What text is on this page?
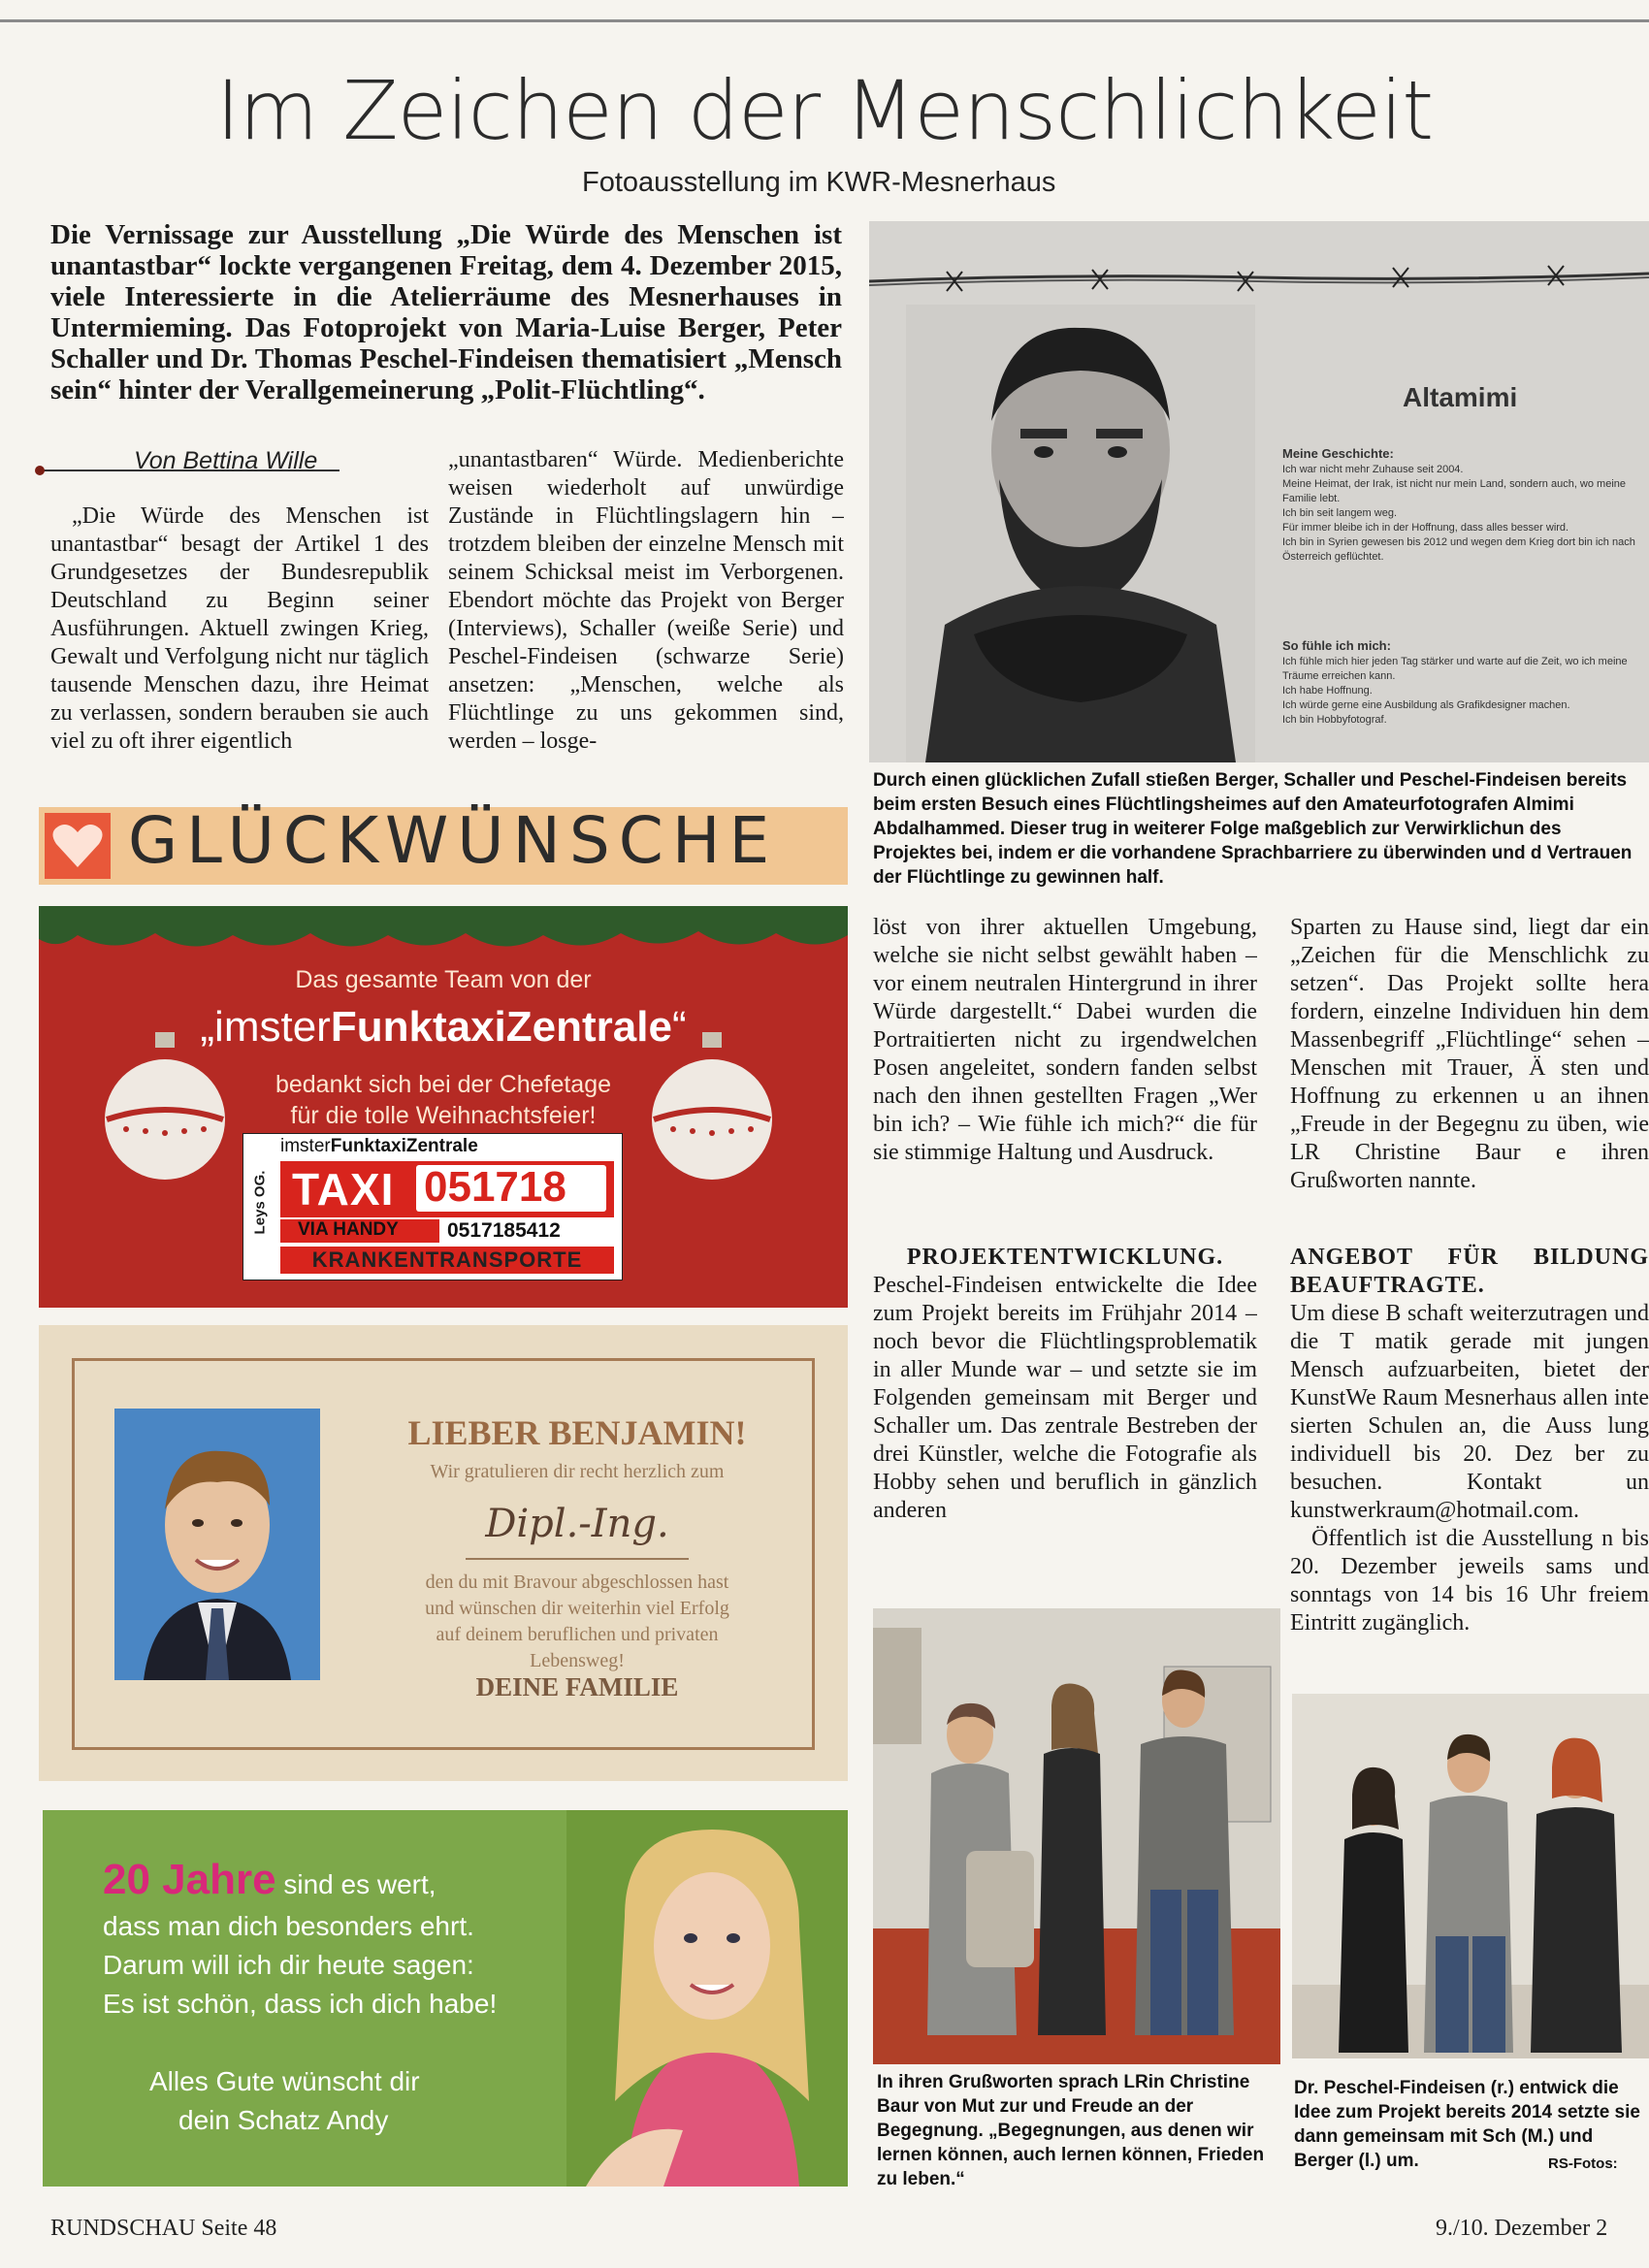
Im Zeichen der Menschlichkeit
Fotoausstellung im KWR-Mesnerhaus
Die Vernissage zur Ausstellung „Die Würde des Menschen ist unantastbar“ lockte vergangenen Freitag, dem 4. Dezember 2015, viele Interessierte in die Atelierräume des Mesnerhauses in Untermieming. Das Fotoprojekt von Maria-Luise Berger, Peter Schaller und Dr. Thomas Peschel-Findeisen thematisiert „Mensch sein“ hinter der Verallgemeinerung „Polit-Flüchtling“.
Von Bettina Wille

„Die Würde des Menschen ist unantastbar“ besagt der Artikel 1 des Grundgesetzes der Bundesrepublik Deutschland zu Beginn seiner Ausführungen. Aktuell zwingen Krieg, Gewalt und Verfolgung nicht nur täglich tausende Menschen dazu, ihre Heimat zu verlassen, sondern berauben sie auch viel zu oft ihrer eigentlich

„unantastbaren“ Würde. Medienberichte weisen wiederholt auf unwürdige Zustände in Flüchtlingslagern hin – trotzdem bleiben der einzelne Mensch mit seinem Schicksal meist im Verborgenen. Ebendort möchte das Projekt von Berger (Interviews), Schaller (weiße Serie) und Peschel-Findeisen (schwarze Serie) ansetzen: „Menschen, welche als Flüchtlinge zu uns gekommen sind, werden – losge-

Altamimi
Meine Geschichte:
Ich war nicht mehr Zuhause seit 2004.
Meine Heimat, der Irak, ist nicht nur mein Land, sondern auch, wo meine Familie lebt.
Ich bin seit langem weg.
Für immer bleibe ich in der Hoffnung, dass alles besser wird.
Ich bin in Syrien gewesen bis 2012 und wegen dem Krieg dort bin ich nach Österreich geflüchtet.
So fühle ich mich:
Ich fühle mich hier jeden Tag stärker und warte auf die Zeit, wo ich meine Träume erreichen kann.
Ich habe Hoffnung.
Ich würde gerne eine Ausbildung als Grafikdesigner machen.
Ich bin Hobbyfotograf.
Durch einen glücklichen Zufall stießen Berger, Schaller und Peschel-Findeisen bereits beim ersten Besuch eines Flüchtlingsheimes auf den Amateurfotografen Almimi Abdalhammed. Dieser trug in weiterer Folge maßgeblich zur Verwirklichun des Projektes bei, indem er die vorhandene Sprachbarriere zu überwinden und d Vertrauen der Flüchtlinge zu gewinnen half.
GLÜCKWÜNSCHE
Das gesamte Team von der
„imsterFunktaxiZentrale“
bedankt sich bei der Chefetage
für die tolle Weihnachtsfeier!
Leys OG.
imsterFunktaxiZentrale
TAXI 051718
VIA HANDY 0517185412
KRANKENTRANSPORTE
LIEBER BENJAMIN!
Wir gratulieren dir recht herzlich zum
Dipl.-Ing.
den du mit Bravour abgeschlossen hast
und wünschen dir weiterhin viel Erfolg
auf deinem beruflichen und privaten
Lebensweg!
DEINE FAMILIE
20 Jahre sind es wert,
dass man dich besonders ehrt.
Darum will ich dir heute sagen:
Es ist schön, dass ich dich habe!
Alles Gute wünscht dir
dein Schatz Andy

löst von ihrer aktuellen Umgebung, welche sie nicht selbst gewählt haben – vor einem neutralen Hintergrund in ihrer Würde dargestellt.“ Dabei wurden die Portraitierten nicht zu irgendwelchen Posen angeleitet, sondern fanden selbst nach den ihnen gestellten Fragen „Wer bin ich? – Wie fühle ich mich?“ die für sie stimmige Haltung und Ausdruck.

PROJEKTENTWICKLUNG.

Peschel-Findeisen entwickelte die Idee zum Projekt bereits im Frühjahr 2014 – noch bevor die Flüchtlingsproblematik in aller Munde war – und setzte sie im Folgenden gemeinsam mit Berger und Schaller um. Das zentrale Bestreben der drei Künstler, welche die Fotografie als Hobby sehen und beruflich in gänzlich anderen

Sparten zu Hause sind, liegt dar ein „Zeichen für die Menschlichk zu setzen“. Das Projekt sollte hera fordern, einzelne Individuen hin dem Massenbegriff „Flüchtlinge“ sehen – Menschen mit Trauer, Ä sten und Hoffnung zu erkennen u an ihnen „Freude in der Begegnu zu üben, wie LR Christine Baur e ihren Grußworten nannte.

ANGEBOT FÜR BILDUNG BEAUFTRAGTE.

Um diese B schaft weiterzutragen und die T matik gerade mit jungen Mensch aufzuarbeiten, bietet der KunstWe Raum Mesnerhaus allen inte sierten Schulen an, die Auss lung individuell bis 20. Dez ber zu besuchen. Kontakt un kunstwerkraum@hotmail.com.

Öffentlich ist die Ausstellung n bis 20. Dezember jeweils sams und sonntags von 14 bis 16 Uhr freiem Eintritt zugänglich.

In ihren Grußworten sprach LRin Christine Baur von Mut zur und Freude an der Begegnung. „Begegnungen, aus denen wir lernen können, auch lernen können, Frieden zu leben.“
Dr. Peschel-Findeisen (r.) entwick die Idee zum Projekt bereits 2014 setzte sie dann gemeinsam mit Sch (M.) und Berger (l.) um.	RS-Fotos:
RUNDSCHAU Seite 48	9./10. Dezember 2
